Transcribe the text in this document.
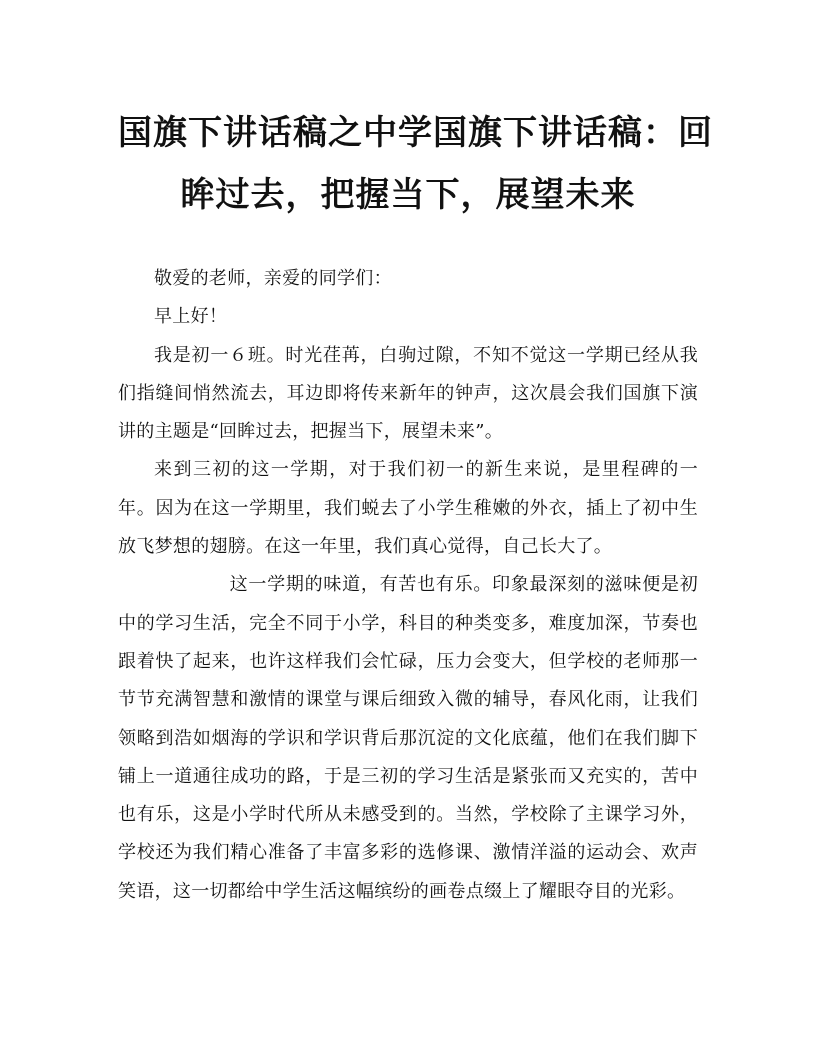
国旗下讲话稿之中学国旗下讲话稿：回
眸过去，把握当下，展望未来

敬爱的老师，亲爱的同学们：

早上好！

我是初一６班。时光荏苒，白驹过隙，不知不觉这一学期已经从我们指缝间悄然流去，耳边即将传来新年的钟声，这次晨会我们国旗下演讲的主题是“回眸过去，把握当下，展望未来”。

来到三初的这一学期，对于我们初一的新生来说，是里程碑的一年。因为在这一学期里，我们蜕去了小学生稚嫩的外衣，插上了初中生放飞梦想的翅膀。在这一年里，我们真心觉得，自己长大了。

这一学期的味道，有苦也有乐。印象最深刻的滋味便是初中的学习生活，完全不同于小学，科目的种类变多，难度加深，节奏也跟着快了起来，也许这样我们会忙碌，压力会变大，但学校的老师那一节节充满智慧和激情的课堂与课后细致入微的辅导，春风化雨，让我们领略到浩如烟海的学识和学识背后那沉淀的文化底蕴，他们在我们脚下铺上一道通往成功的路，于是三初的学习生活是紧张而又充实的，苦中也有乐，这是小学时代所从未感受到的。当然，学校除了主课学习外，学校还为我们精心准备了丰富多彩的选修课、激情洋溢的运动会、欢声笑语，这一切都给中学生活这幅缤纷的画卷点缀上了耀眼夺目的光彩。
